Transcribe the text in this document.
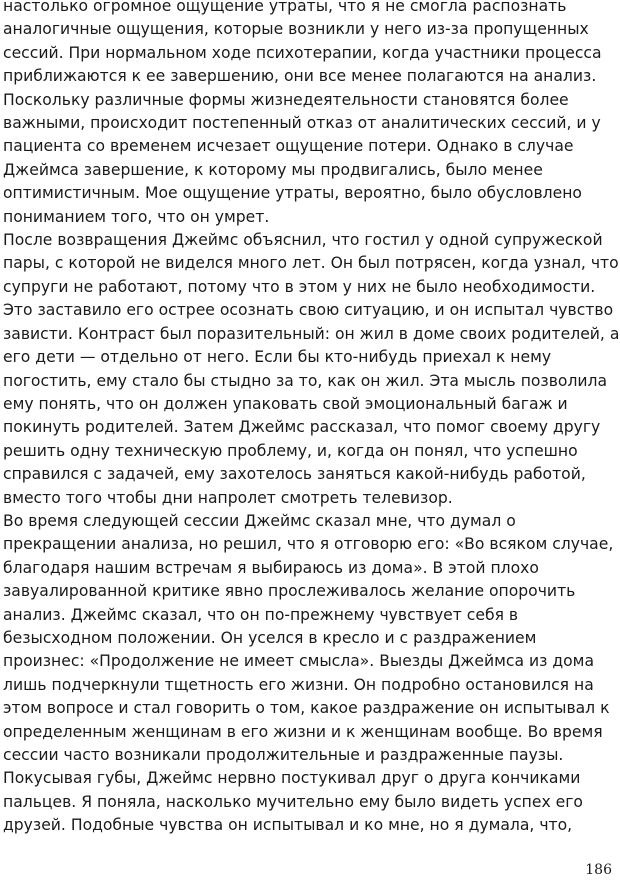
настолько огромное ощущение утраты, что я не смогла распознать
аналогичные ощущения, которые возникли у него из-за пропущенных
сессий. При нормальном ходе психотерапии, когда участники процесса
приближаются к ее завершению, они все менее полагаются на анализ.
Поскольку различные формы жизнедеятельности становятся более
важными, происходит постепенный отказ от аналитических сессий, и у
пациента со временем исчезает ощущение потери. Однако в случае
Джеймса завершение, к которому мы продвигались, было менее
оптимистичным. Мое ощущение утраты, вероятно, было обусловлено
пониманием того, что он умрет.
После возвращения Джеймс объяснил, что гостил у одной супружеской
пары, с которой не виделся много лет. Он был потрясен, когда узнал, что
супруги не работают, потому что в этом у них не было необходимости.
Это заставило его острее осознать свою ситуацию, и он испытал чувство
зависти. Контраст был поразительный: он жил в доме своих родителей, а
его дети — отдельно от него. Если бы кто-нибудь приехал к нему
погостить, ему стало бы стыдно за то, как он жил. Эта мысль позволила
ему понять, что он должен упаковать свой эмоциональный багаж и
покинуть родителей. Затем Джеймс рассказал, что помог своему другу
решить одну техническую проблему, и, когда он понял, что успешно
справился с задачей, ему захотелось заняться какой-нибудь работой,
вместо того чтобы дни напролет смотреть телевизор.
Во время следующей сессии Джеймс сказал мне, что думал о
прекращении анализа, но решил, что я отговорю его: «Во всяком случае,
благодаря нашим встречам я выбираюсь из дома». В этой плохо
завуалированной критике явно прослеживалось желание опорочить
анализ. Джеймс сказал, что он по-прежнему чувствует себя в
безысходном положении. Он уселся в кресло и с раздражением
произнес: «Продолжение не имеет смысла». Выезды Джеймса из дома
лишь подчеркнули тщетность его жизни. Он подробно остановился на
этом вопросе и стал говорить о том, какое раздражение он испытывал к
определенным женщинам в его жизни и к женщинам вообще. Во время
сессии часто возникали продолжительные и раздраженные паузы.
Покусывая губы, Джеймс нервно постукивал друг о друга кончиками
пальцев. Я поняла, насколько мучительно ему было видеть успех его
друзей. Подобные чувства он испытывал и ко мне, но я думала, что,
186
